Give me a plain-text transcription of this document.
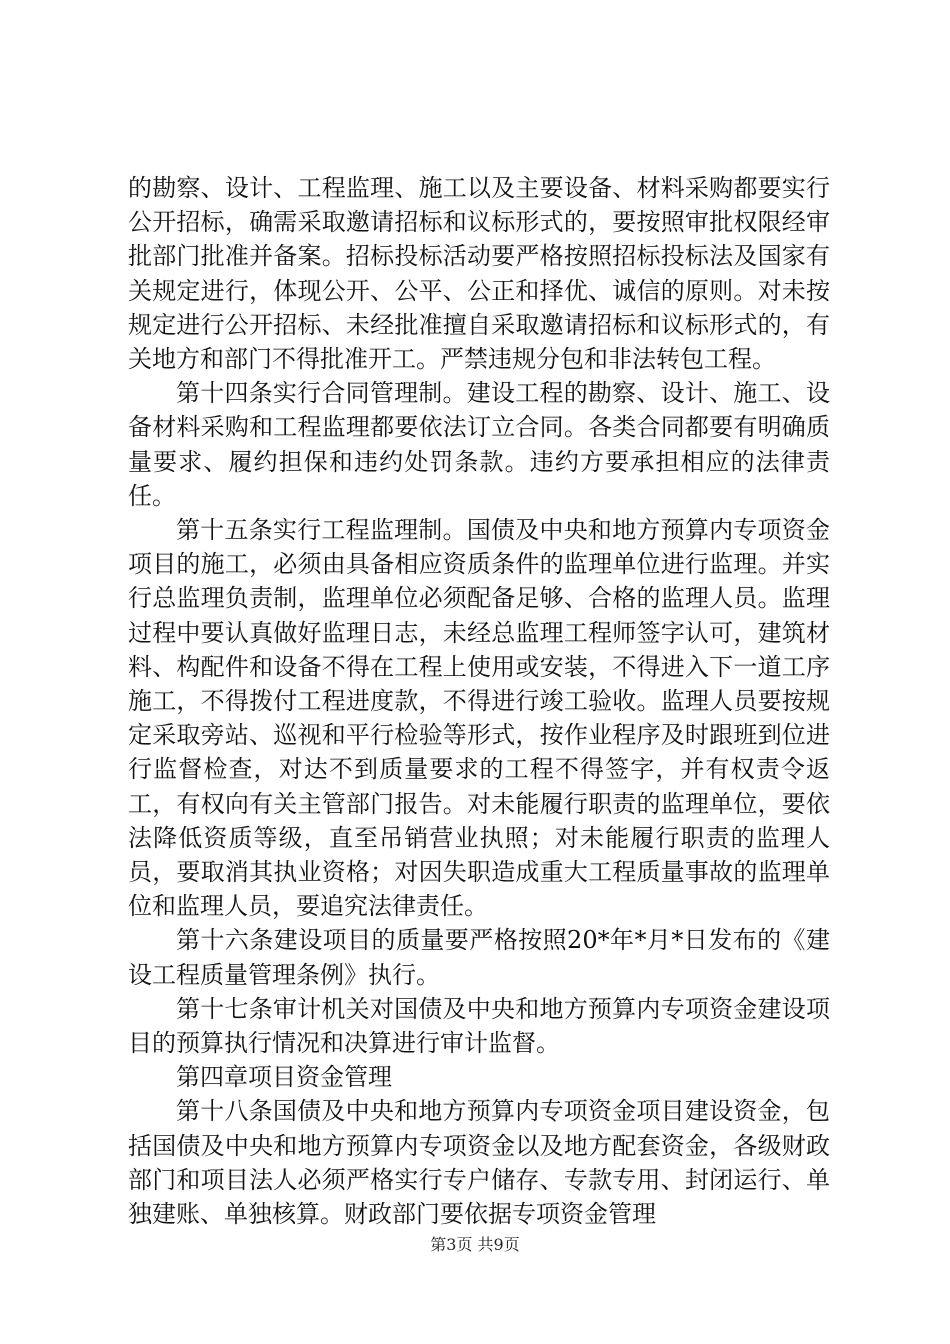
的勘察、设计、工程监理、施工以及主要设备、材料采购都要实行公开招标，确需采取邀请招标和议标形式的，要按照审批权限经审批部门批准并备案。招标投标活动要严格按照招标投标法及国家有关规定进行，体现公开、公平、公正和择优、诚信的原则。对未按规定进行公开招标、未经批准擅自采取邀请招标和议标形式的，有关地方和部门不得批准开工。严禁违规分包和非法转包工程。

第十四条实行合同管理制。建设工程的勘察、设计、施工、设备材料采购和工程监理都要依法订立合同。各类合同都要有明确质量要求、履约担保和违约处罚条款。违约方要承担相应的法律责任。

第十五条实行工程监理制。国债及中央和地方预算内专项资金项目的施工，必须由具备相应资质条件的监理单位进行监理。并实行总监理负责制，监理单位必须配备足够、合格的监理人员。监理过程中要认真做好监理日志，未经总监理工程师签字认可，建筑材料、构配件和设备不得在工程上使用或安装，不得进入下一道工序施工，不得拨付工程进度款，不得进行竣工验收。监理人员要按规定采取旁站、巡视和平行检验等形式，按作业程序及时跟班到位进行监督检查，对达不到质量要求的工程不得签字，并有权责令返工，有权向有关主管部门报告。对未能履行职责的监理单位，要依法降低资质等级，直至吊销营业执照；对未能履行职责的监理人员，要取消其执业资格；对因失职造成重大工程质量事故的监理单位和监理人员，要追究法律责任。

第十六条建设项目的质量要严格按照20*年*月*日发布的《建设工程质量管理条例》执行。

第十七条审计机关对国债及中央和地方预算内专项资金建设项目的预算执行情况和决算进行审计监督。

第四章项目资金管理

第十八条国债及中央和地方预算内专项资金项目建设资金，包括国债及中央和地方预算内专项资金以及地方配套资金，各级财政部门和项目法人必须严格实行专户储存、专款专用、封闭运行、单独建账、单独核算。财政部门要依据专项资金管理

第3页 共9页
